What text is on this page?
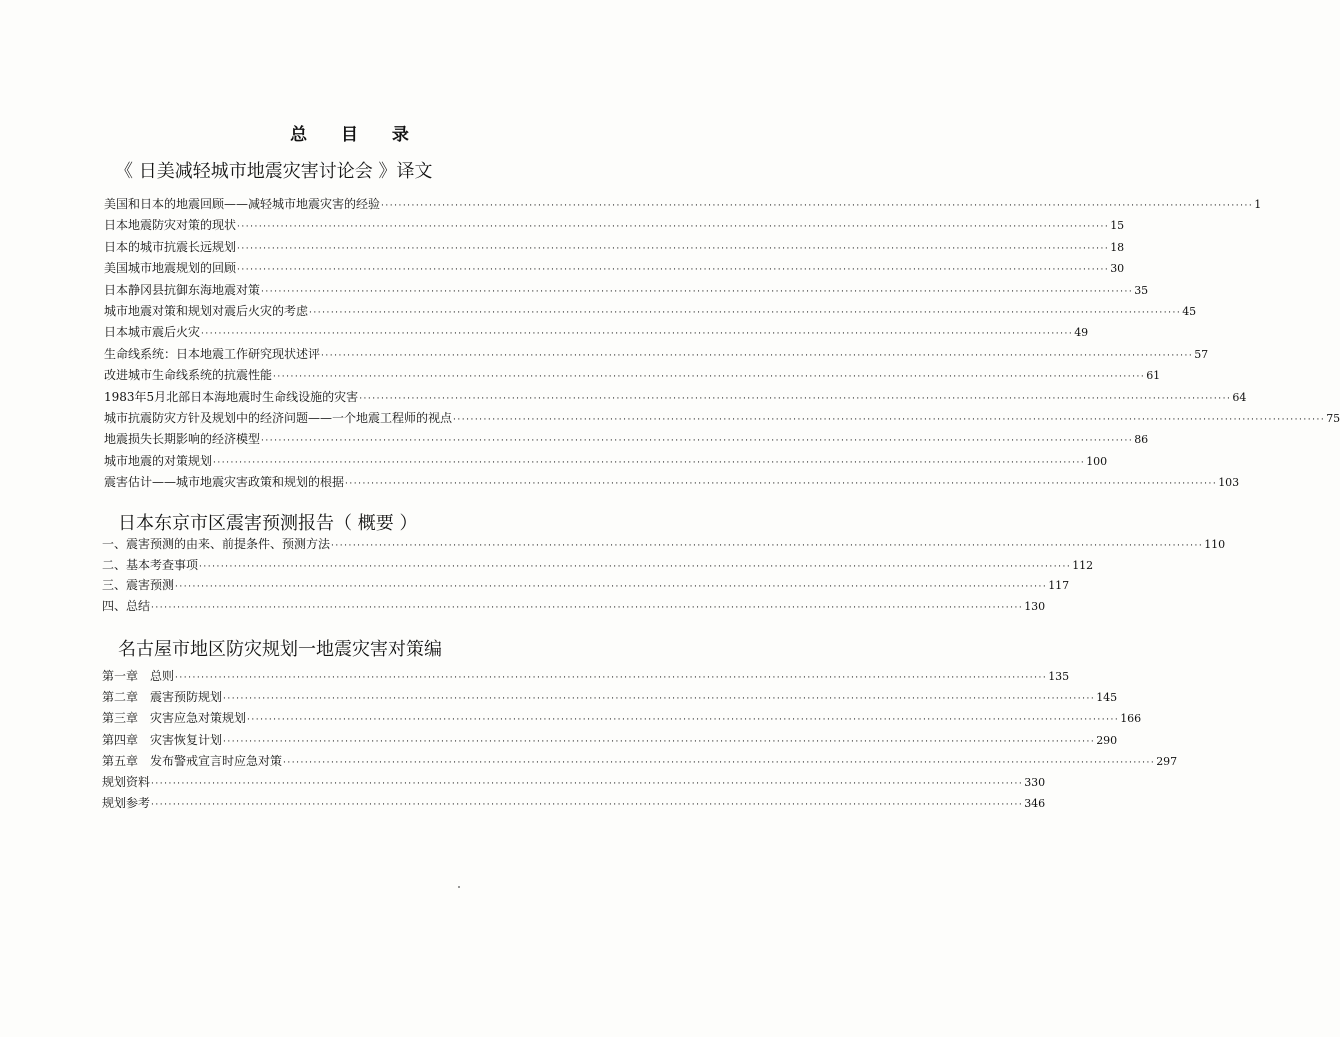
总 目 录
《 日美减轻城市地震灾害讨论会 》译文
日本东京市区震害预测报告（ 概要 ）
名古屋市地区防灾规划一地震灾害对策编
美国和日本的地震回顾——减轻城市地震灾害的经验 ········································································································································································································ 1
日本地震防灾对策的现状 ········································································································································································································ 15
日本的城市抗震长远规划 ········································································································································································································ 18
美国城市地震规划的回顾 ········································································································································································································ 30
日本静冈县抗御东海地震对策 ········································································································································································································ 35
城市地震对策和规划对震后火灾的考虑 ········································································································································································································ 45
日本城市震后火灾 ········································································································································································································ 49
生命线系统：日本地震工作研究现状述评 ········································································································································································································ 57
改进城市生命线系统的抗震性能 ········································································································································································································ 61
1983年5月北部日本海地震时生命线设施的灾害 ········································································································································································································ 64
城市抗震防灾方针及规划中的经济问题——一个地震工程师的视点 ········································································································································································································ 75
地震损失长期影响的经济模型 ········································································································································································································ 86
城市地震的对策规划 ········································································································································································································ 100
震害估计——城市地震灾害政策和规划的根据 ········································································································································································································ 103
一、震害预测的由来、前提条件、预测方法 ········································································································································································································ 110
二、基本考查事项 ········································································································································································································ 112
三、震害预测 ········································································································································································································ 117
四、总结 ········································································································································································································ 130
第一章　总则 ········································································································································································································ 135
第二章　震害预防规划 ········································································································································································································ 145
第三章　灾害应急对策规划 ········································································································································································································ 166
第四章　灾害恢复计划 ········································································································································································································ 290
第五章　发布警戒宣言时应急对策 ········································································································································································································ 297
规划资料 ········································································································································································································ 330
规划参考 ········································································································································································································ 346
